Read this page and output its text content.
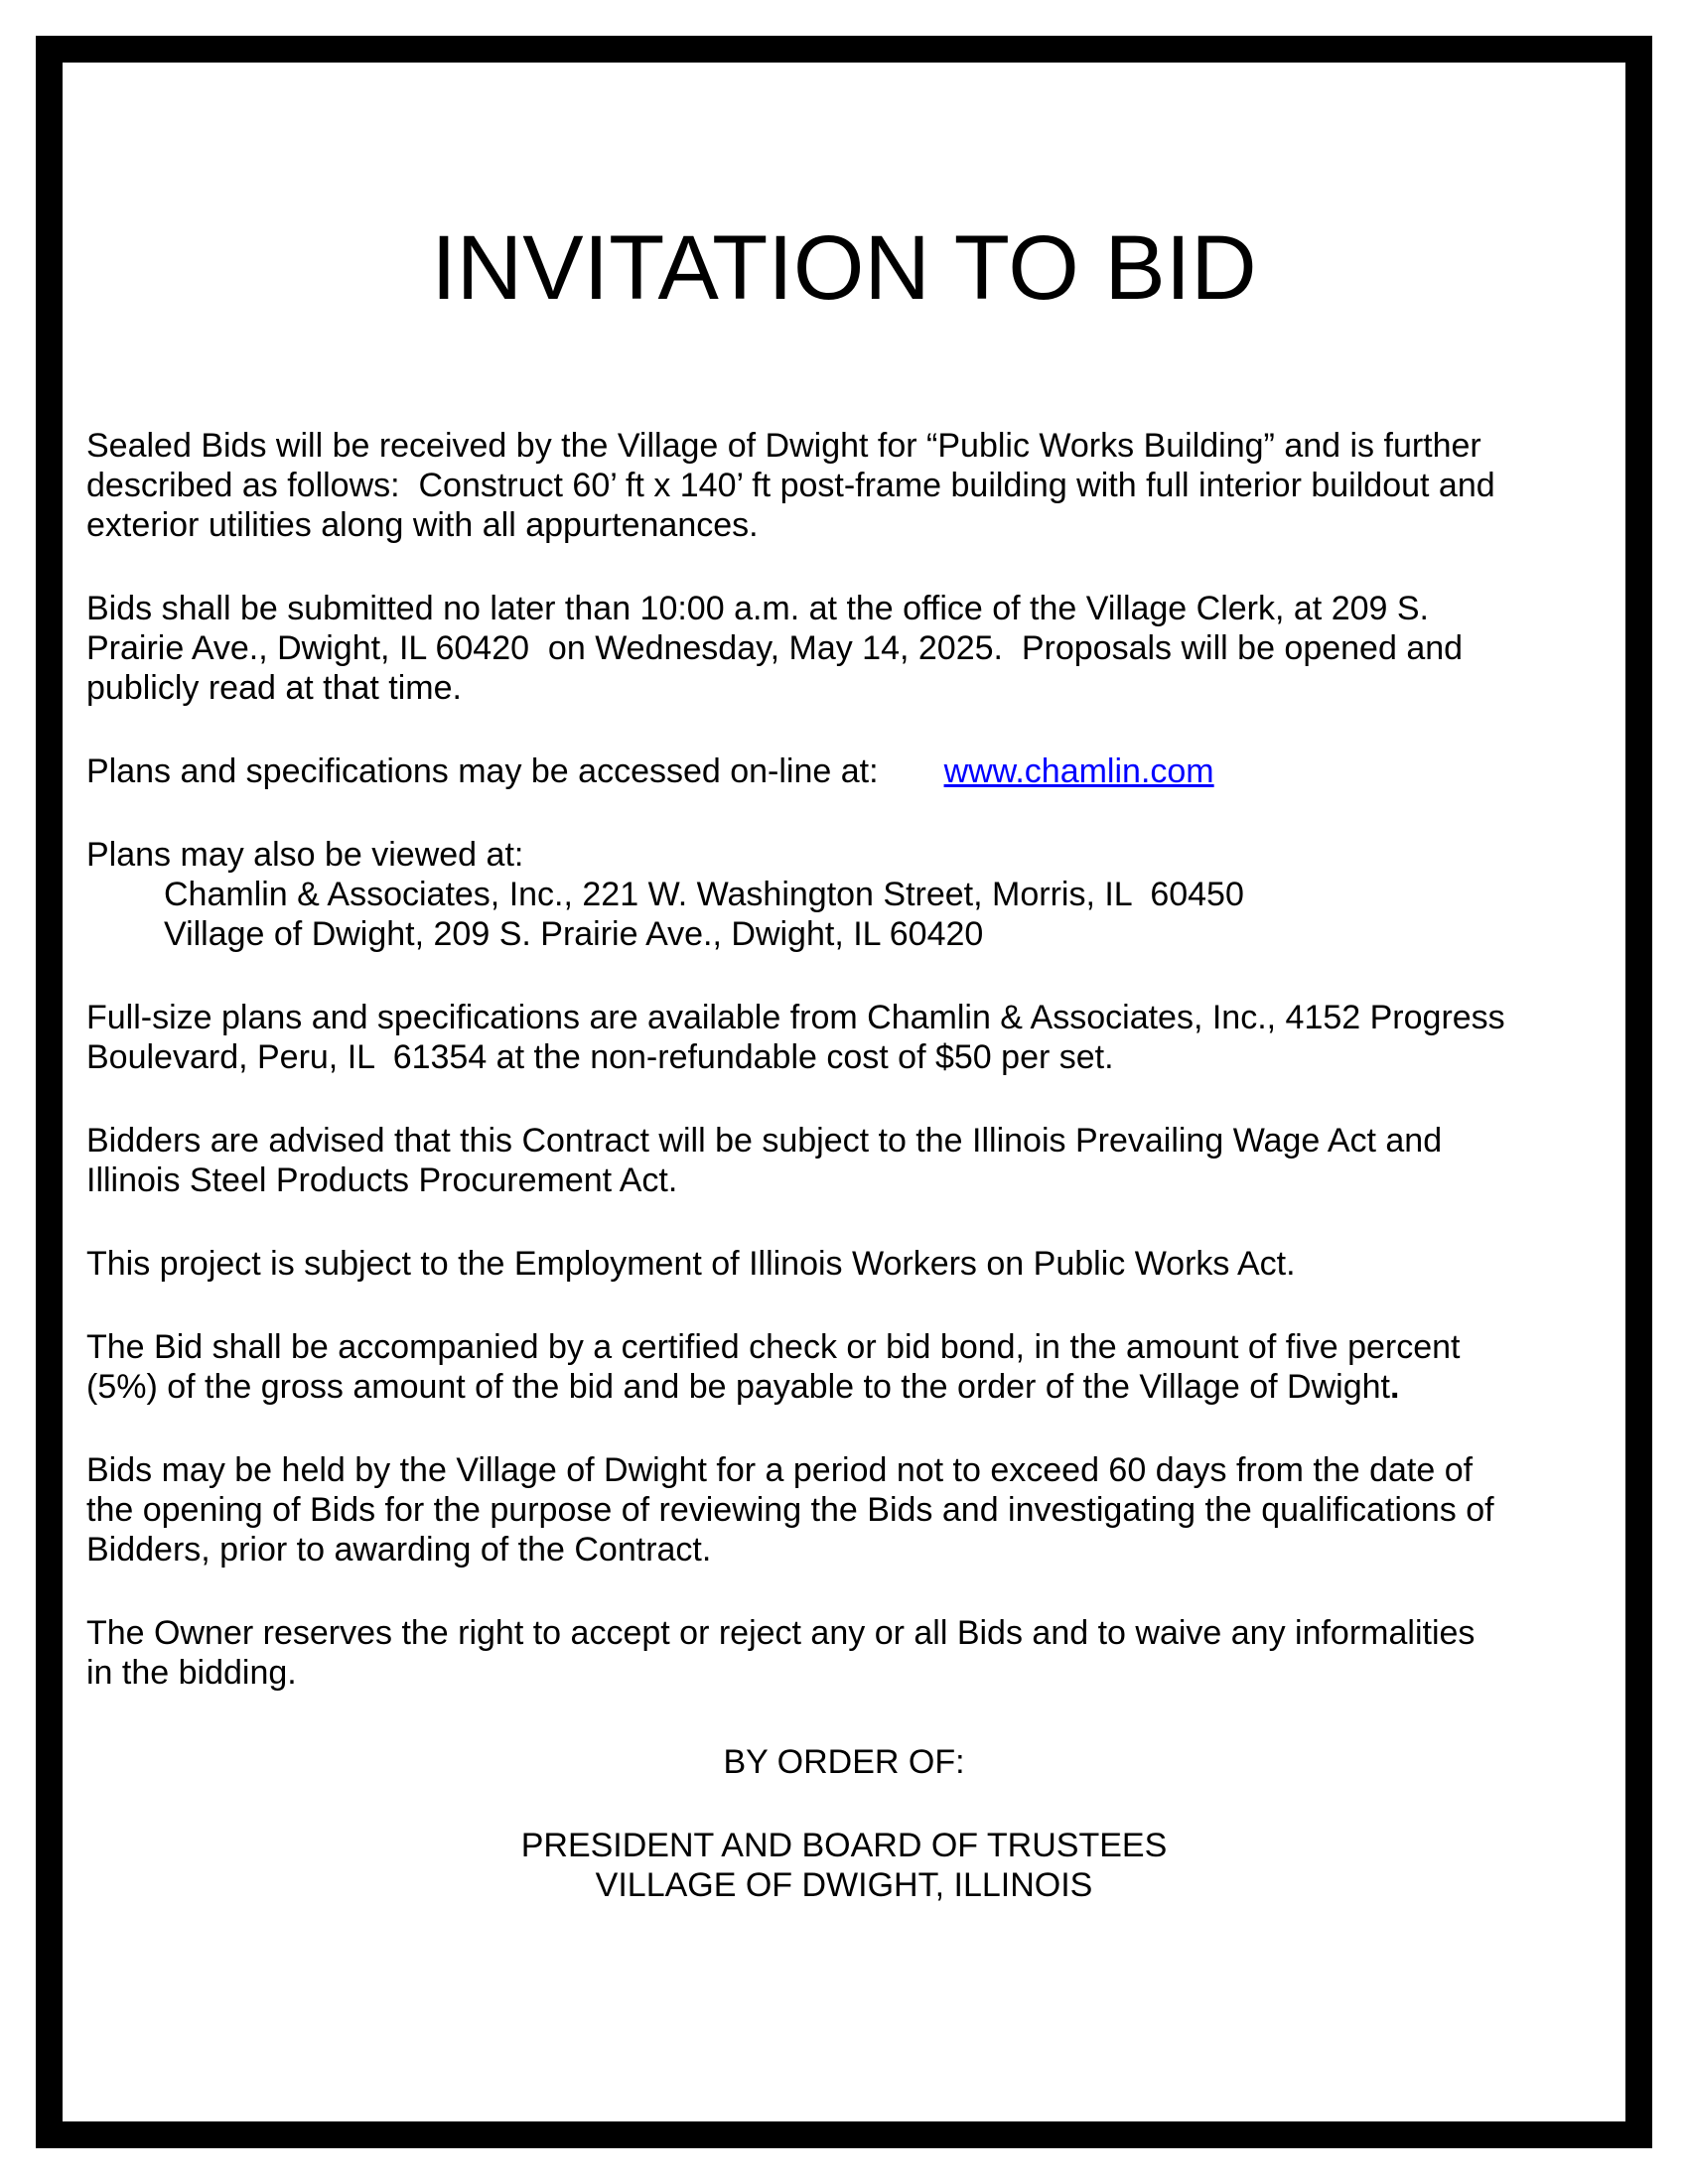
INVITATION TO BID

Sealed Bids will be received by the Village of Dwight for “Public Works Building” and is further
described as follows:  Construct 60’ ft x 140’ ft post-frame building with full interior buildout and
exterior utilities along with all appurtenances.

Bids shall be submitted no later than 10:00 a.m. at the office of the Village Clerk, at 209 S.
Prairie Ave., Dwight, IL 60420  on Wednesday, May 14, 2025.  Proposals will be opened and
publicly read at that time.

Plans and specifications may be accessed on-line at: www.chamlin.com

Plans may also be viewed at:
Chamlin & Associates, Inc., 221 W. Washington Street, Morris, IL  60450
Village of Dwight, 209 S. Prairie Ave., Dwight, IL 60420

Full-size plans and specifications are available from Chamlin & Associates, Inc., 4152 Progress
Boulevard, Peru, IL  61354 at the non-refundable cost of $50 per set.

Bidders are advised that this Contract will be subject to the Illinois Prevailing Wage Act and
Illinois Steel Products Procurement Act.

This project is subject to the Employment of Illinois Workers on Public Works Act.

The Bid shall be accompanied by a certified check or bid bond, in the amount of five percent
(5%) of the gross amount of the bid and be payable to the order of the Village of Dwight.

Bids may be held by the Village of Dwight for a period not to exceed 60 days from the date of
the opening of Bids for the purpose of reviewing the Bids and investigating the qualifications of
Bidders, prior to awarding of the Contract.

The Owner reserves the right to accept or reject any or all Bids and to waive any informalities
in the bidding.

BY ORDER OF:

PRESIDENT AND BOARD OF TRUSTEES
VILLAGE OF DWIGHT, ILLINOIS
